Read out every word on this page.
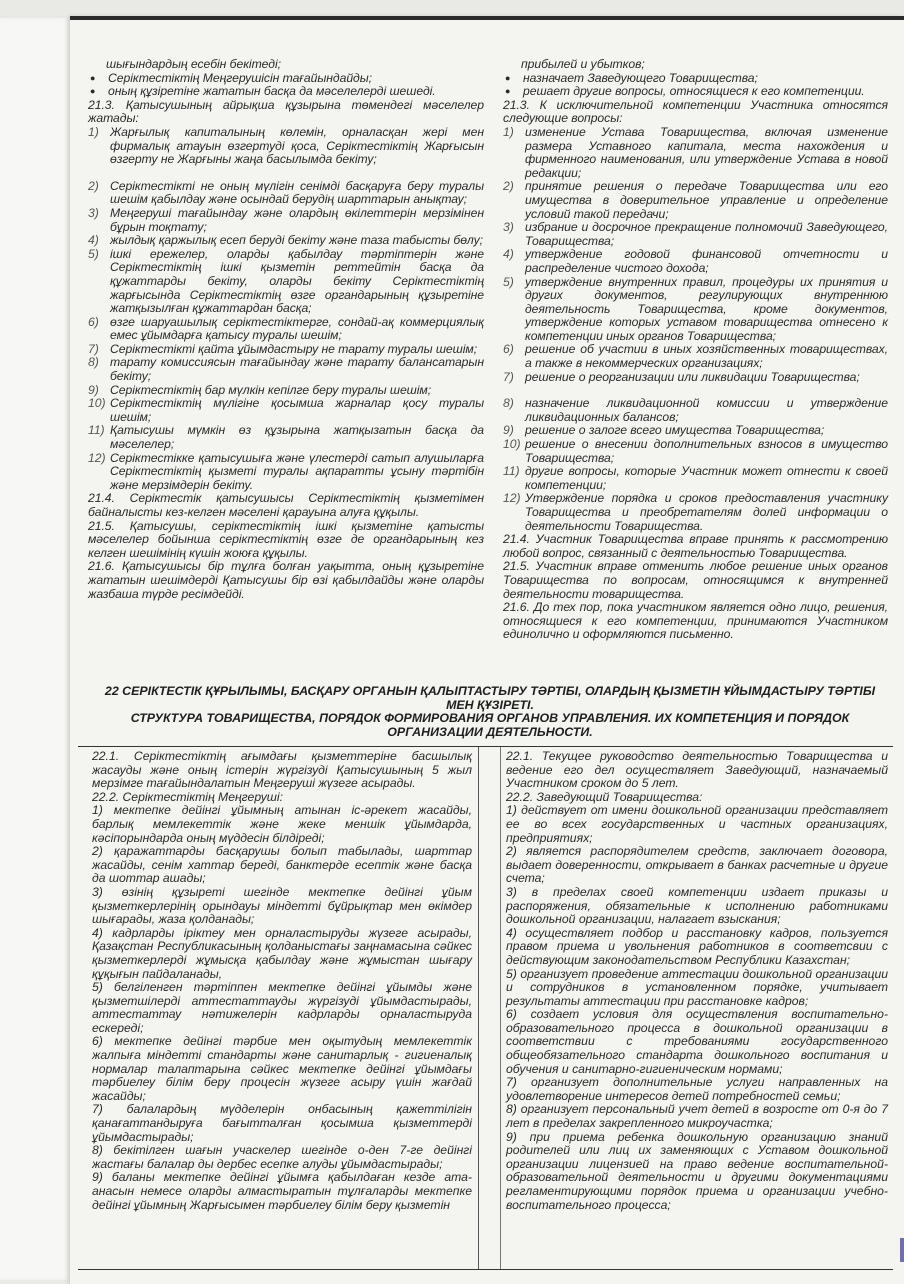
шығындардың есебін бекітеді;

●	Серіктестіктің Меңгерушісін тағайындайды;
●	оның құзіретіне жататын басқа да мәселелерді шешеді.

21.3. Қатысушының айрықша құзырына төмендегі мәселелер жатады:

1) Жарғылық капиталының көлемін, орналасқан жері мен фирмалық атауын өзгертуді қоса, Серіктестіктің Жарғысын өзгерту не Жарғыны жаңа басылымда бекіту;
2) Серіктестікті не оның мүлігін сенімді басқаруға беру туралы шешім қабылдау және осындай берудің шарттарын анықтау;
3) Меңгеруші тағайындау және олардың өкілеттерін мерзімінен бұрын тоқтату;
4) жылдық қаржылық есеп беруді бекіту және таза табысты бөлу;
5) ішкі ережелер, оларды қабылдау тәртіптерін және Серіктестіктің ішкі қызметін реттейтін басқа да құжаттарды бекіту, оларды бекіту Серіктестіктің жарғысында Серіктестіктің өзге органдарының құзыретіне жатқызылған құжаттардан басқа;
6) өзге шаруашылық серіктестіктерге, сондай-ақ коммерциялық емес ұйымдарға қатысу туралы шешім;
7) Серіктестікті қайта ұйымдастыру не тарату туралы шешім;
8) тарату комиссиясын тағайындау және тарату балансатарын бекіту;
9) Серіктестіктің бар мүлкін кепілге беру туралы шешім;
10) Серіктестіктің мүлігіне қосымша жарналар қосу туралы шешім;
11) Қатысушы мүмкін өз құзырына жатқызатын басқа да мәселелер;
12) Серіктестікке қатысушыға және үлестерді сатып алушыларға Серіктестіктің қызметі туралы ақпаратты ұсыну тәртібін және мерзімдерін бекіту.

21.4. Серіктестік қатысушысы Серіктестіктің қызметімен байналысты кез-келген мәселені қарауына алуға құқылы.

21.5. Қатысушы, серіктестіктің ішкі қызметіне қатысты мәселелер бойынша серіктестіктің өзге де органдарының кез келген шешімінің күшін жоюға құқылы.

21.6. Қатысушысы бір тұлға болған уақытта, оның құзыретіне жататын шешімдерді Қатысушы бір өзі қабылдайды және оларды жазбаша түрде ресімдейді.

прибылей и убытков;

●	назначает Заведующего Товарищества;
●	решает другие вопросы, относящиеся к его компетенции.

21.3. К исключительной компетенции Участника относятся следующие вопросы:

1) изменение Устава Товарищества, включая изменение размера Уставного капитала, места нахождения и фирменного наименования, или утверждение Устава в новой редакции;
2) принятие решения о передаче Товарищества или его имущества в доверительное управление и определение условий такой передачи;
3) избрание и досрочное прекращение полномочий Заведующего, Товарищества;
4) утверждение годовой финансовой отчетности и распределение чистого дохода;
5) утверждение внутренних правил, процедуры их принятия и других документов, регулирующих внутреннюю деятельность Товарищества, кроме документов, утверждение которых уставом товарищества отнесено к компетенции иных органов Товарищества;
6) решение об участии в иных хозяйственных товариществах, а также в некоммерческих организациях;
7) решение о реорганизации или ликвидации Товарищества;
8) назначение ликвидационной комиссии и утверждение ликвидационных балансов;
9) решение о залоге всего имущества Товарищества;
10) решение о внесении дополнительных взносов в имущество Товарищества;
11) другие вопросы, которые Участник может отнести к своей компетенции;
12) Утверждение порядка и сроков предоставления участнику Товарищества и преобретателям долей информации о деятельности Товарищества.

21.4. Участник Товарищества вправе принять к рассмотрению любой вопрос, связанный с деятельностью Товарищества.

21.5. Участник вправе отменить любое решение иных органов Товарищества по вопросам, относящимся к внутренней деятельности товарищества.

21.6. До тех пор, пока участником является одно лицо, решения, относящиеся к его компетенции, принимаются Участником единолично и оформляются письменно.

22 СЕРІКТЕСТІК ҚҰРЫЛЫМЫ, БАСҚАРУ ОРГАНЫН ҚАЛЫПТАСТЫРУ ТӘРТІБІ, ОЛАРДЫҢ ҚЫЗМЕТІН ҰЙЫМДАСТЫРУ ТӘРТІБІ МЕН ҚҰЗІРЕТІ.
СТРУКТУРА ТОВАРИЩЕСТВА, ПОРЯДОК ФОРМИРОВАНИЯ ОРГАНОВ УПРАВЛЕНИЯ. ИХ КОМПЕТЕНЦИЯ И ПОРЯДОК ОРГАНИЗАЦИИ ДЕЯТЕЛЬНОСТИ.

22.1. Серіктестіктің ағымдағы қызметтеріне басшылық жасауды және оның істерін жүргізуді Қатысушының 5 жыл мерзімге тағайындалатын Меңгеруші жүзеге асырады.

22.2. Серіктестіктің Меңгеруші:

1) мектепке дейінгі ұйымның атынан іс-әрекет жасайды, барлық мемлекеттік және жеке меншік ұйымдарда, кәсіпорындарда оның мүддесін білдіреді;

2) қаражаттарды басқарушы болып табылады, шарттар жасайды, сенім хаттар береді, банктерде есептік және басқа да шоттар ашады;

3) өзінің құзыреті шегінде мектепке дейінгі ұйым қызметкерлерінің орындауы міндетті бұйрықтар мен өкімдер шығарады, жаза қолданады;

4) кадрларды іріктеу мен орналастыруды жүзеге асырады, Қазақстан Республикасының қолданыстағы заңнамасына сәйкес қызметкерлерді жұмысқа қабылдау және жұмыстан шығару құқығын пайдаланады,

5) белгіленген тәртіппен мектепке дейінгі ұйымды және қызметшілерді аттестаттауды жүргізуді ұйымдастырады, аттестаттау нәтижелерін кадрларды орналастыруда ескереді;

6) мектепке дейінгі тәрбие мен оқытудың мемлекеттік жалпыға міндетті стандарты және санитарлық - гигиеналық нормалар талаптарына сәйкес мектепке дейінгі ұйымдағы тәрбиелеу білім беру процесін жүзеге асыру үшін жағдай жасайды;

7) балалардың мүдделерін онбасының қажеттілігін қанағаттандыруға бағытталған қосымша қызметтерді ұйымдастырады;

8) бекітілген шағын учаскелер шегінде о-ден 7-ге дейінгі жастағы балалар ды дербес есепке алуды ұйымдастырады;

9) баланы мектепке дейінгі ұйымға қабылдаған кезде ата-анасын немесе оларды алмастыратын тұлғаларды мектепке дейінгі ұйымның Жарғысымен тәрбиелеу білім беру қызметін

22.1. Текущее руководство деятельностью Товарищества и ведение его дел осуществляет Заведующий, назначаемый Участником сроком до 5 лет.

22.2. Заведующий Товарищества:

1) действует от имени дошкольной организации представляет ее во всех государственных и частных организациях, предприятиях;

2) является распорядителем средств, заключает договора, выдает доверенности, открывает в банках расчетные и другие счета;

3) в пределах своей компетенции издает приказы и распоряжения, обязательные к исполнению работниками дошкольной организации, налагает взыскания;

4) осуществляет подбор и расстановку кадров, пользуется правом приема и увольнения работников в соответсвии с действующим законодательством Республики Казахстан;

5) организует проведение аттестации дошкольной организации и сотрудников в установленном порядке, учитывает результаты аттестации при расстановке кадров;

6) создает условия для осуществления воспитательно-образовательного процесса в дошкольной организации в соответствии с требованиями государственного общеобязательного стандарта дошкольного воспитания и обучения и санитарно-гигиеническим нормами;

7) организует дополнительные услуги направленных на удовлетворение интересов детей потребностей семьи;

8) организует персональный учет детей в возросте от 0-я до 7 лет в пределах закрепленного микроучастка;

9) при приема ребенка дошкольную организацию знаний родителей или лиц их заменяющих с Уставом дошкольной организации лицензией на право ведение воспитательной-образовательной деятельности и другими документациями регламентирующими порядок приема и организации учебно-воспитательного процесса;
